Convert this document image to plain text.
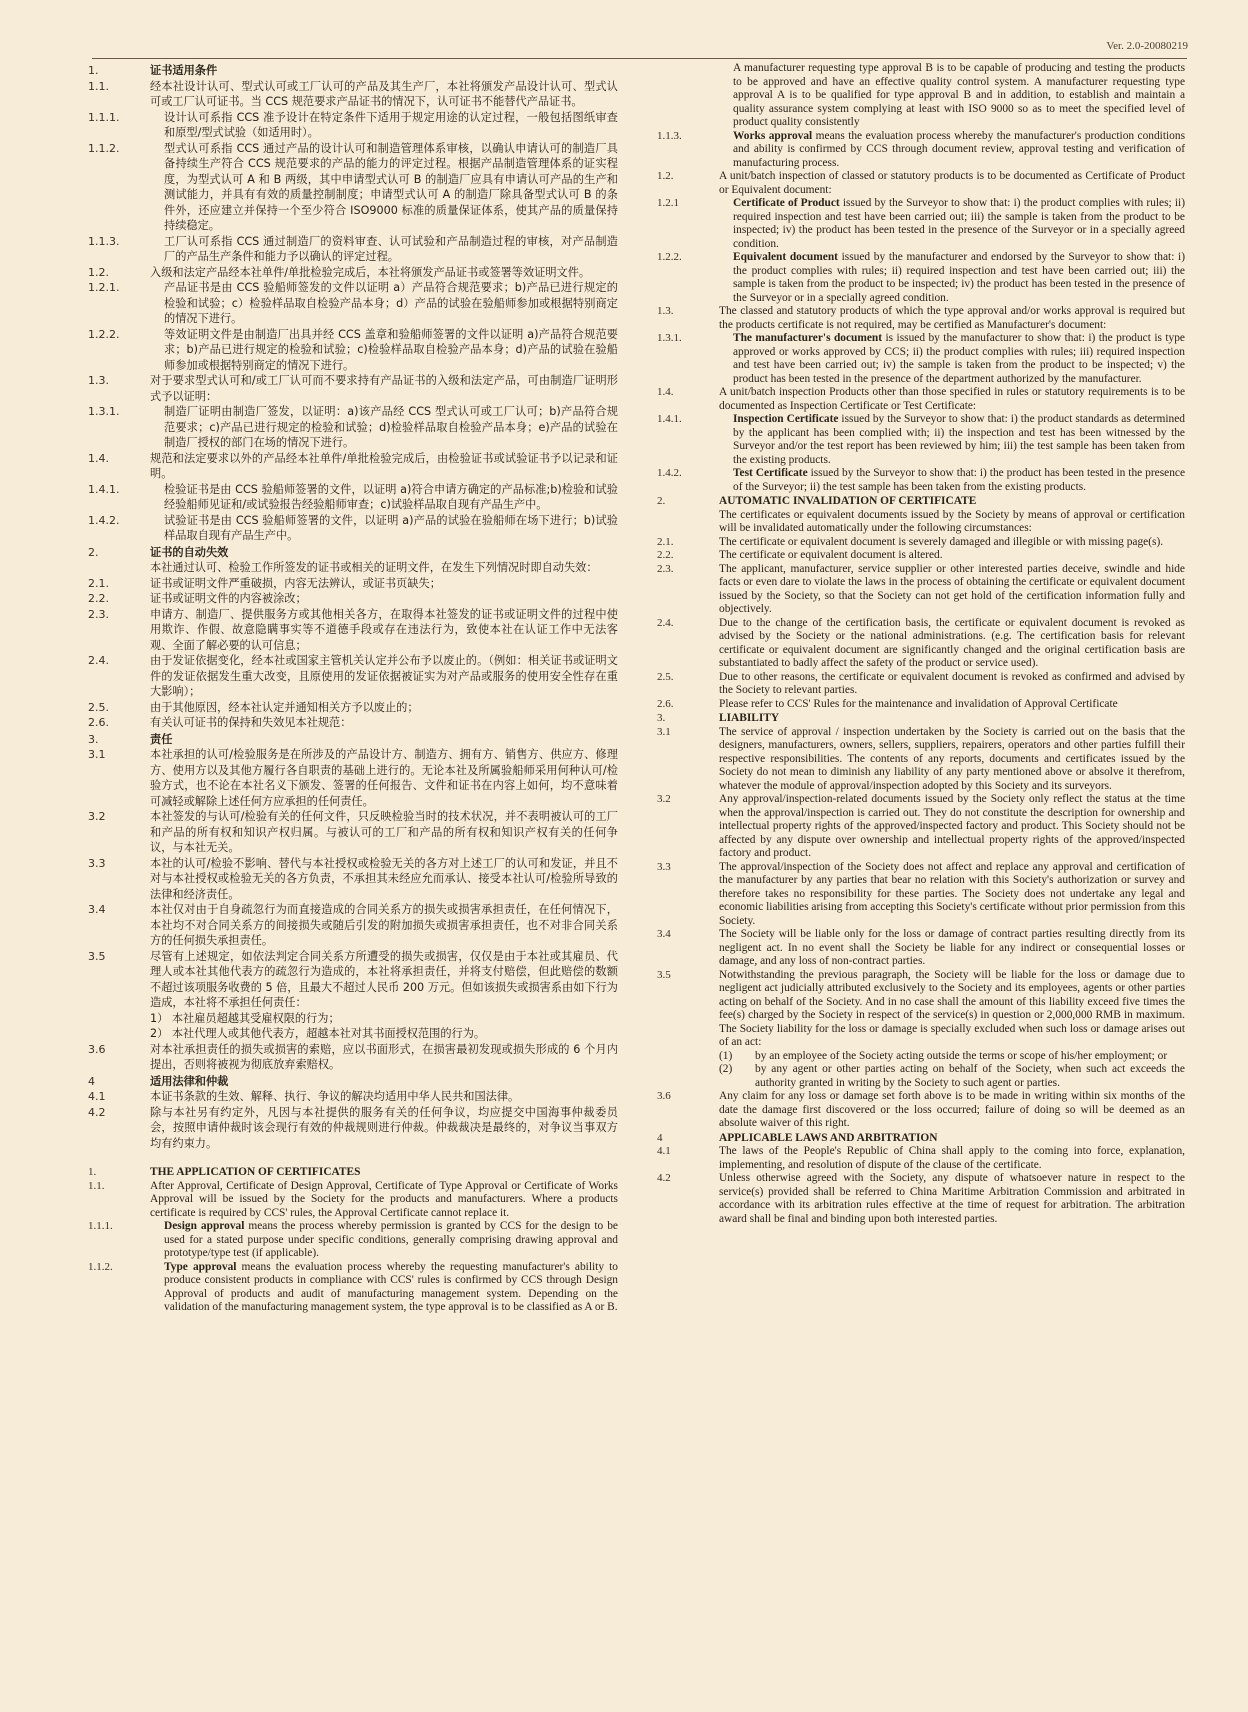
Ver. 2.0-20080219
1.	证书适用条件
1.1.	经本社设计认可、型式认可或工厂认可的产品及其生产厂，本社将颁发产品设计认可、型式认可或工厂认可证书。当 CCS 规范要求产品证书的情况下，认可证书不能替代产品证书。
1.1.1.	设计认可系指 CCS 准予设计在特定条件下适用于规定用途的认定过程，一般包括图纸审查和原型/型式试验（如适用时）。
1.1.2.	型式认可系指 CCS 通过产品的设计认可和制造管理体系审核，以确认申请认可的制造厂具备持续生产符合 CCS 规范要求的产品的能力的评定过程。根据产品制造管理体系的证实程度，为型式认可 A 和 B 两级，其中申请型式认可 B 的制造厂应具有申请认可产品的生产和测试能力，并具有有效的质量控制制度；申请型式认可 A 的制造厂除具备型式认可 B 的条件外，还应建立并保持一个至少符合 ISO9000 标准的质量保证体系，使其产品的质量保持持续稳定。
1.1.3.	工厂认可系指 CCS 通过制造厂的资料审查、认可试验和产品制造过程的审核，对产品制造厂的产品生产条件和能力予以确认的评定过程。
1.2.	入级和法定产品经本社单件/单批检验完成后，本社将颁发产品证书或签署等效证明文件。
1.2.1.	产品证书是由 CCS 验船师签发的文件以证明 a）产品符合规范要求；b)产品已进行规定的检验和试验；c）检验样品取自检验产品本身；d）产品的试验在验船师参加或根据特别商定的情况下进行。
1.2.2.	等效证明文件是由制造厂出具并经 CCS 盖章和验船师签署的文件以证明 a)产品符合规范要求；b)产品已进行规定的检验和试验；c)检验样品取自检验产品本身；d)产品的试验在验船师参加或根据特别商定的情况下进行。
1.3.	对于要求型式认可和/或工厂认可而不要求持有产品证书的入级和法定产品，可由制造厂证明形式予以证明：
1.3.1.	制造厂证明由制造厂签发，以证明：a)该产品经 CCS 型式认可或工厂认可；b)产品符合规范要求；c)产品已进行规定的检验和试验；d)检验样品取自检验产品本身；e)产品的试验在制造厂授权的部门在场的情况下进行。
1.4.	规范和法定要求以外的产品经本社单件/单批检验完成后，由检验证书或试验证书予以记录和证明。
1.4.1.	检验证书是由 CCS 验船师签署的文件，以证明 a)符合申请方确定的产品标准;b)检验和试验经验船师见证和/或试验报告经验船师审查；c)试验样品取自现有产品生产中。
1.4.2.	试验证书是由 CCS 验船师签署的文件，以证明 a)产品的试验在验船师在场下进行；b)试验样品取自现有产品生产中。
2.	证书的自动失效
本社通过认可、检验工作所签发的证书或相关的证明文件，在发生下列情况时即自动失效：
2.1.	证书或证明文件严重破损，内容无法辨认，或证书页缺失；
2.2.	证书或证明文件的内容被涂改；
2.3.	申请方、制造厂、提供服务方或其他相关各方，在取得本社签发的证书或证明文件的过程中使用欺诈、作假、故意隐瞒事实等不道德手段或存在违法行为，致使本社在认证工作中无法客观、全面了解必要的认可信息；
2.4.	由于发证依据变化，经本社或国家主管机关认定并公布予以废止的。（例如：相关证书或证明文件的发证依据发生重大改变，且原使用的发证依据被证实为对产品或服务的使用安全性存在重大影响）；
2.5.	由于其他原因，经本社认定并通知相关方予以废止的；
2.6.	有关认可证书的保持和失效见本社规范：
3.	责任
3.1	本社承担的认可/检验服务是在所涉及的产品设计方、制造方、拥有方、销售方、供应方、修理方、使用方以及其他方履行各自职责的基础上进行的。无论本社及所属验船师采用何种认可/检验方式，也不论在本社名义下颁发、签署的任何报告、文件和证书在内容上如何，均不意味着可减轻或解除上述任何方应承担的任何责任。
3.2	本社签发的与认可/检验有关的任何文件，只反映检验当时的技术状况，并不表明被认可的工厂和产品的所有权和知识产权归属。与被认可的工厂和产品的所有权和知识产权有关的任何争议，与本社无关。
3.3	本社的认可/检验不影响、替代与本社授权或检验无关的各方对上述工厂的认可和发证，并且不对与本社授权或检验无关的各方负责，不承担其未经应允而承认、接受本社认可/检验所导致的法律和经济责任。
3.4	本社仅对由于自身疏忽行为而直接造成的合同关系方的损失或损害承担责任，在任何情况下，本社均不对合同关系方的间接损失或随后引发的附加损失或损害承担责任，也不对非合同关系方的任何损失承担责任。
3.5	尽管有上述规定，如依法判定合同关系方所遭受的损失或损害，仅仅是由于本社或其雇员、代理人或本社其他代表方的疏忽行为造成的，本社将承担责任，并将支付赔偿，但此赔偿的数额不超过该项服务收费的 5 倍，且最大不超过人民币 200 万元。但如该损失或损害系由如下行为造成，本社将不承担任何责任：
1） 本社雇员超越其受雇权限的行为；
2） 本社代理人或其他代表方，超越本社对其书面授权范围的行为。
3.6	对本社承担责任的损失或损害的索赔，应以书面形式，在损害最初发现或损失形成的 6 个月内提出，否则将被视为彻底放弃索赔权。
4	适用法律和仲裁
4.1	本证书条款的生效、解释、执行、争议的解决均适用中华人民共和国法律。
4.2	除与本社另有约定外，凡因与本社提供的服务有关的任何争议，均应提交中国海事仲裁委员会，按照申请仲裁时该会现行有效的仲裁规则进行仲裁。仲裁裁决是最终的，对争议当事双方均有约束力。
1.	THE APPLICATION OF CERTIFICATES
1.1.	After Approval, Certificate of Design Approval, Certificate of Type Approval or Certificate of Works Approval will be issued by the Society for the products and manufacturers. Where a products certificate is required by CCS' rules, the Approval Certificate cannot replace it.
1.1.1.	Design approval means the process whereby permission is granted by CCS for the design to be used for a stated purpose under specific conditions, generally comprising drawing approval and prototype/type test (if applicable).
1.1.2.	Type approval means the evaluation process whereby the requesting manufacturer's ability to produce consistent products in compliance with CCS' rules is confirmed by CCS through Design Approval of products and audit of manufacturing management system. Depending on the validation of the manufacturing management system, the type approval is to be classified as A or B.
A manufacturer requesting type approval B is to be capable of producing and testing the products to be approved and have an effective quality control system. A manufacturer requesting type approval A is to be qualified for type approval B and in addition, to establish and maintain a quality assurance system complying at least with ISO 9000 so as to meet the specified level of product quality consistently
1.1.3.	Works approval means the evaluation process whereby the manufacturer's production conditions and ability is confirmed by CCS through document review, approval testing and verification of manufacturing process.
1.2.	A unit/batch inspection of classed or statutory products is to be documented as Certificate of Product or Equivalent document:
1.2.1	Certificate of Product issued by the Surveyor to show that: i) the product complies with rules; ii) required inspection and test have been carried out; iii) the sample is taken from the product to be inspected; iv) the product has been tested in the presence of the Surveyor or in a specially agreed condition.
1.2.2.	Equivalent document issued by the manufacturer and endorsed by the Surveyor to show that: i) the product complies with rules; ii) required inspection and test have been carried out; iii) the sample is taken from the product to be inspected; iv) the product has been tested in the presence of the Surveyor or in a specially agreed condition.
1.3.	The classed and statutory products of which the type approval and/or works approval is required but the products certificate is not required, may be certified as Manufacturer's document:
1.3.1.	The manufacturer's document is issued by the manufacturer to show that: i) the product is type approved or works approved by CCS; ii) the product complies with rules; iii) required inspection and test have been carried out; iv) the sample is taken from the product to be inspected; v) the product has been tested in the presence of the department authorized by the manufacturer.
1.4.	A unit/batch inspection Products other than those specified in rules or statutory requirements is to be documented as Inspection Certificate or Test Certificate:
1.4.1.	Inspection Certificate issued by the Surveyor to show that: i) the product standards as determined by the applicant has been complied with; ii) the inspection and test has been witnessed by the Surveyor and/or the test report has been reviewed by him; iii) the test sample has been taken from the existing products.
1.4.2.	Test Certificate issued by the Surveyor to show that: i) the product has been tested in the presence of the Surveyor; ii) the test sample has been taken from the existing products.
2.	AUTOMATIC INVALIDATION OF CERTIFICATE
The certificates or equivalent documents issued by the Society by means of approval or certification will be invalidated automatically under the following circumstances:
2.1.	The certificate or equivalent document is severely damaged and illegible or with missing page(s).
2.2.	The certificate or equivalent document is altered.
2.3.	The applicant, manufacturer, service supplier or other interested parties deceive, swindle and hide facts or even dare to violate the laws in the process of obtaining the certificate or equivalent document issued by the Society, so that the Society can not get hold of the certification information fully and objectively.
2.4.	Due to the change of the certification basis, the certificate or equivalent document is revoked as advised by the Society or the national administrations. (e.g. The certification basis for relevant certificate or equivalent document are significantly changed and the original certification basis are substantiated to badly affect the safety of the product or service used).
2.5.	Due to other reasons, the certificate or equivalent document is revoked as confirmed and advised by the Society to relevant parties.
2.6.	Please refer to CCS' Rules for the maintenance and invalidation of Approval Certificate
3.	LIABILITY
3.1	The service of approval / inspection undertaken by the Society is carried out on the basis that the designers, manufacturers, owners, sellers, suppliers, repairers, operators and other parties fulfill their respective responsibilities. The contents of any reports, documents and certificates issued by the Society do not mean to diminish any liability of any party mentioned above or absolve it therefrom, whatever the module of approval/inspection adopted by this Society and its surveyors.
3.2	Any approval/inspection-related documents issued by the Society only reflect the status at the time when the approval/inspection is carried out. They do not constitute the description for ownership and intellectual property rights of the approved/inspected factory and product. This Society should not be affected by any dispute over ownership and intellectual property rights of the approved/inspected factory and product.
3.3	The approval/inspection of the Society does not affect and replace any approval and certification of the manufacturer by any parties that bear no relation with this Society's authorization or survey and therefore takes no responsibility for these parties. The Society does not undertake any legal and economic liabilities arising from accepting this Society's certificate without prior permission from this Society.
3.4	The Society will be liable only for the loss or damage of contract parties resulting directly from its negligent act. In no event shall the Society be liable for any indirect or consequential losses or damage, and any loss of non-contract parties.
3.5	Notwithstanding the previous paragraph, the Society will be liable for the loss or damage due to negligent act judicially attributed exclusively to the Society and its employees, agents or other parties acting on behalf of the Society. And in no case shall the amount of this liability exceed five times the fee(s) charged by the Society in respect of the service(s) in question or 2,000,000 RMB in maximum. The Society liability for the loss or damage is specially excluded when such loss or damage arises out of an act:
(1)	by an employee of the Society acting outside the terms or scope of his/her employment; or
(2)	by any agent or other parties acting on behalf of the Society, when such act exceeds the authority granted in writing by the Society to such agent or parties.
3.6	Any claim for any loss or damage set forth above is to be made in writing within six months of the date the damage first discovered or the loss occurred; failure of doing so will be deemed as an absolute waiver of this right.
4	APPLICABLE LAWS AND ARBITRATION
4.1	The laws of the People's Republic of China shall apply to the coming into force, explanation, implementing, and resolution of dispute of the clause of the certificate.
4.2	Unless otherwise agreed with the Society, any dispute of whatsoever nature in respect to the service(s) provided shall be referred to China Maritime Arbitration Commission and arbitrated in accordance with its arbitration rules effective at the time of request for arbitration. The arbitration award shall be final and binding upon both interested parties.
